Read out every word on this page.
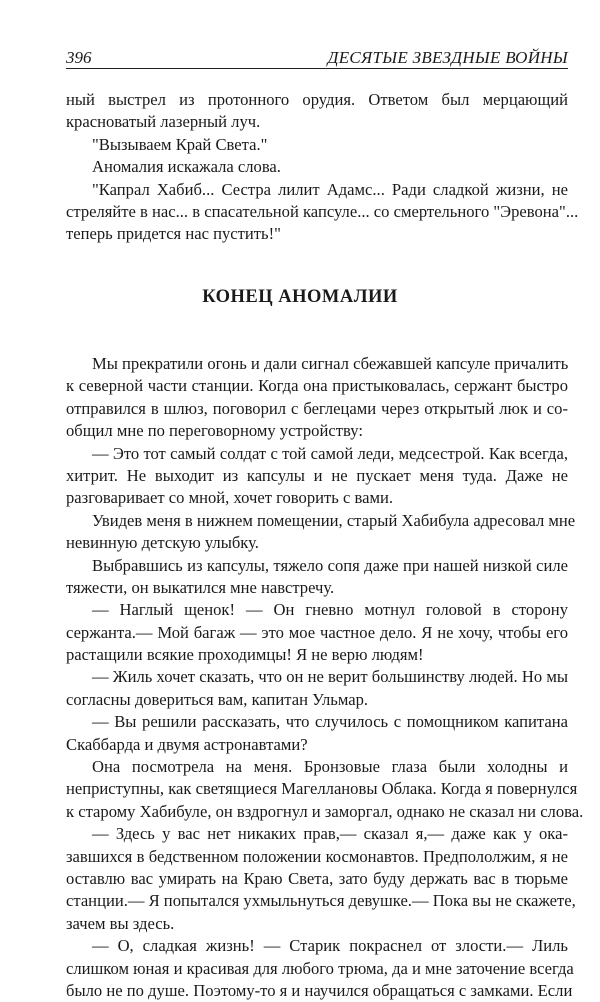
396	ДЕСЯТЫЕ ЗВЕЗДНЫЕ ВОЙНЫ
ный выстрел из протонного орудия. Ответом был мерцающий
красноватый лазерный луч.
"Вызываем Край Света."
Аномалия искажала слова.
"Капрал Хабиб... Сестра лилит Адамс... Ради сладкой жизни, не
стреляйте в нас... в спасательной капсуле... со смертельного "Эревона"...
теперь придется нас пустить!"
КОНЕЦ АНОМАЛИИ
Мы прекратили огонь и дали сигнал сбежавшей капсуле причалить
к северной части станции. Когда она пристыковалась, сержант быстро
отправился в шлюз, поговорил с беглецами через открытый люк и со-
общил мне по переговорному устройству:
— Это тот самый солдат с той самой леди, медсестрой. Как всегда,
хитрит. Не выходит из капсулы и не пускает меня туда. Даже не
разговаривает со мной, хочет говорить с вами.
Увидев меня в нижнем помещении, старый Хабибула адресовал мне
невинную детскую улыбку.
Выбравшись из капсулы, тяжело сопя даже при нашей низкой силе
тяжести, он выкатился мне навстречу.
— Наглый щенок! — Он гневно мотнул головой в сторону
сержанта.— Мой багаж — это мое частное дело. Я не хочу, чтобы его
растащили всякие проходимцы! Я не верю людям!
— Жиль хочет сказать, что он не верит большинству людей. Но мы
согласны довериться вам, капитан Ульмар.
— Вы решили рассказать, что случилось с помощником капитана
Скаббарда и двумя астронавтами?
Она посмотрела на меня. Бронзовые глаза были холодны и
неприступны, как светящиеся Магеллановы Облака. Когда я повернулся
к старому Хабибуле, он вздрогнул и заморгал, однако не сказал ни слова.
— Здесь у вас нет никаких прав,— сказал я,— даже как у ока-
завшихся в бедственном положении космонавтов. Предпололжим, я не
оставлю вас умирать на Краю Света, зато буду держать вас в тюрьме
станции.— Я попытался ухмыльнуться девушке.— Пока вы не скажете,
зачем вы здесь.
— О, сладкая жизнь! — Старик покраснел от злости.— Лиль
слишком юная и красивая для любого трюма, да и мне заточение всегда
было не по душе. Поэтому-то я и научился обращаться с замками. Если
